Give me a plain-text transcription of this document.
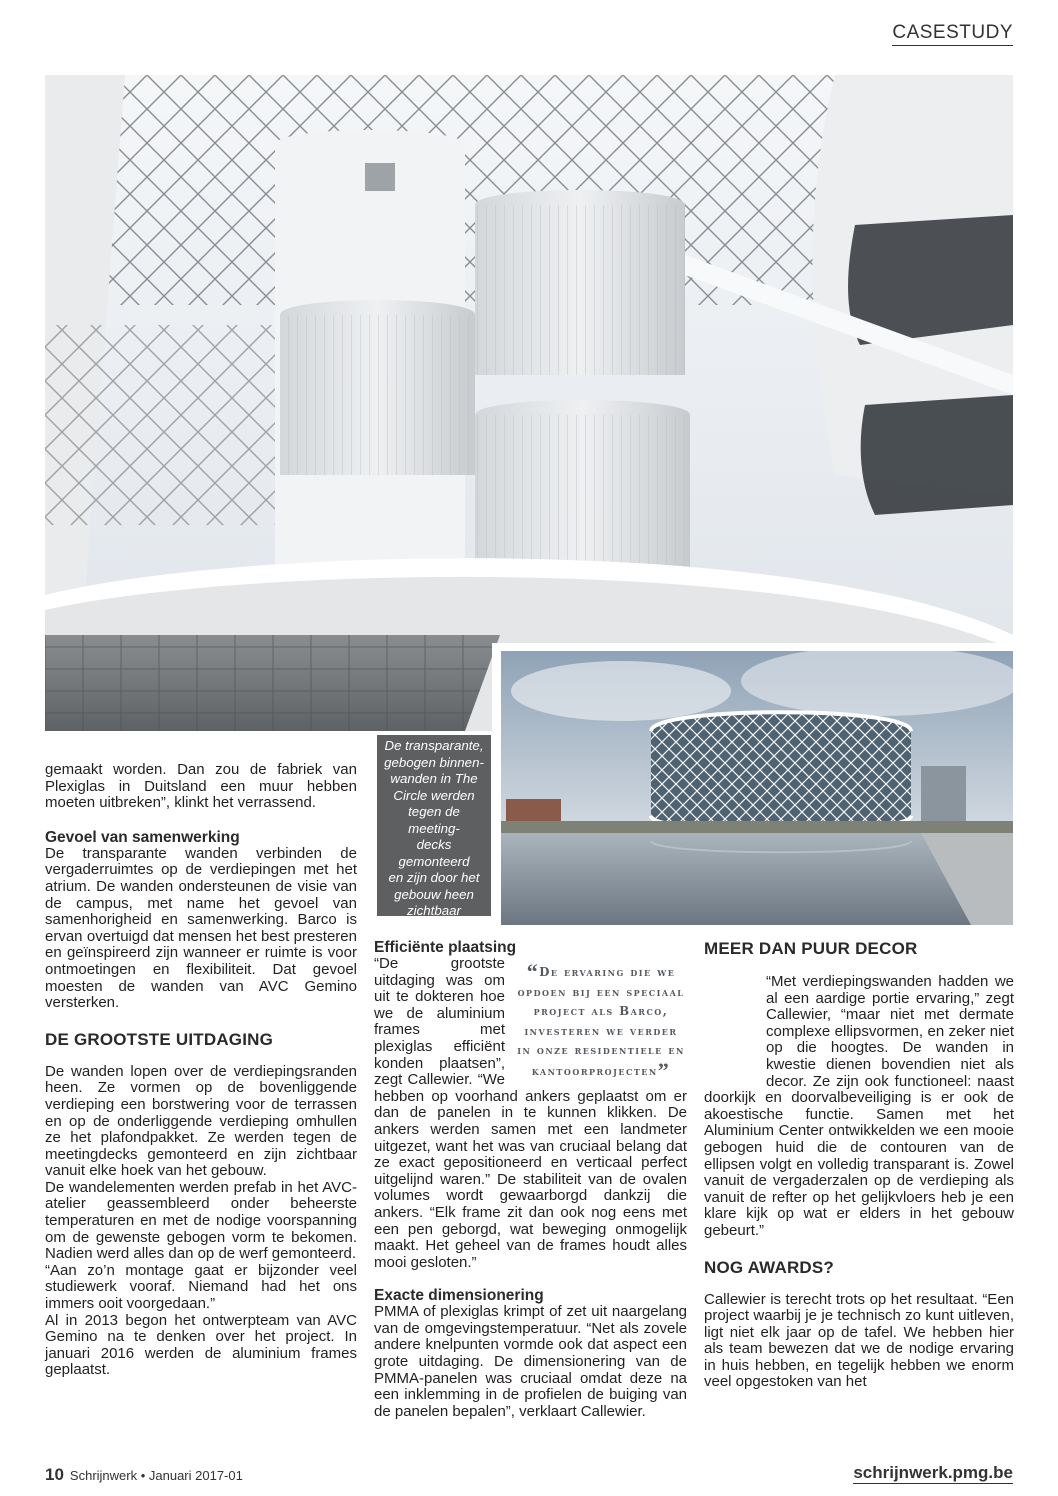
CASESTUDY
De transparante,
gebogen binnen-
wanden in The
Circle werden
tegen de meeting-
decks gemonteerd
en zijn door het
gebouw heen
zichtbaar

gemaakt worden. Dan zou de fabriek van Plexiglas in Duitsland een muur hebben moeten uitbreken”, klinkt het verrassend.

Gevoel van samenwerking

De transparante wanden verbinden de vergaderruimtes op de verdiepingen met het atrium. De wanden ondersteunen de visie van de campus, met name het gevoel van samenhorigheid en samenwerking. Barco is ervan overtuigd dat mensen het best presteren en geïnspireerd zijn wanneer er ruimte is voor ontmoetingen en flexibiliteit. Dat gevoel moesten de wanden van AVC Gemino versterken.

DE GROOTSTE UITDAGING

De wanden lopen over de verdiepingsranden heen. Ze vormen op de bovenliggende verdieping een borstwering voor de terrassen en op de onderliggende verdieping omhullen ze het plafondpakket. Ze werden tegen de meetingdecks gemonteerd en zijn zichtbaar vanuit elke hoek van het gebouw.

De wandelementen werden prefab in het AVC-atelier geassembleerd onder beheerste temperaturen en met de nodige voorspanning om de gewenste gebogen vorm te bekomen. Nadien werd alles dan op de werf gemonteerd.

“Aan zo’n montage gaat er bijzonder veel studiewerk vooraf. Niemand had het ons immers ooit voorgedaan.”

Al in 2013 begon het ontwerpteam van AVC Gemino na te denken over het project. In januari 2016 werden de aluminium frames geplaatst.

Efficiënte plaatsing
“De ervaring die we opdoen bij een speciaal project als Barco, investeren we verder in onze residentiele en kantoorprojecten”

“De grootste uitdaging was om uit te dokteren hoe we de aluminium frames met plexiglas efficiënt konden plaatsen”, zegt Callewier. “We hebben op voorhand ankers geplaatst om er dan de panelen in te kunnen klikken. De ankers werden samen met een landmeter uitgezet, want het was van cruciaal belang dat ze exact gepositioneerd en verticaal perfect uitgelijnd waren.” De stabiliteit van de ovalen volumes wordt gewaarborgd dankzij die ankers. “Elk frame zit dan ook nog eens met een pen geborgd, wat beweging onmogelijk maakt. Het geheel van de frames houdt alles mooi gesloten.”

Exacte dimensionering

PMMA of plexiglas krimpt of zet uit naargelang van de omgevingstemperatuur. “Net als zovele andere knelpunten vormde ook dat aspect een grote uitdaging. De dimensionering van de PMMA-panelen was cruciaal omdat deze na een inklemming in de profielen de buiging van de panelen bepalen”, verklaart Callewier.

MEER DAN PUUR DECOR

“Met verdiepingswanden hadden we al een aardige portie ervaring,” zegt Callewier, “maar niet met dermate complexe ellipsvormen, en zeker niet op die hoogtes. De wanden in kwestie dienen bovendien niet als decor. Ze zijn ook functioneel: naast doorkijk en doorvalbeveiliging is er ook de akoestische functie. Samen met het Aluminium Center ontwikkelden we een mooie gebogen huid die de contouren van de ellipsen volgt en volledig transparant is. Zowel vanuit de vergaderzalen op de verdieping als vanuit de refter op het gelijkvloers heb je een klare kijk op wat er elders in het gebouw gebeurt.”

NOG AWARDS?

Callewier is terecht trots op het resultaat. “Een project waarbij je je technisch zo kunt uitleven, ligt niet elk jaar op de tafel. We hebben hier als team bewezen dat we de nodige ervaring in huis hebben, en tegelijk hebben we enorm veel opgestoken van het

10 Schrijnwerk • Januari 2017-01	schrijnwerk.pmg.be
